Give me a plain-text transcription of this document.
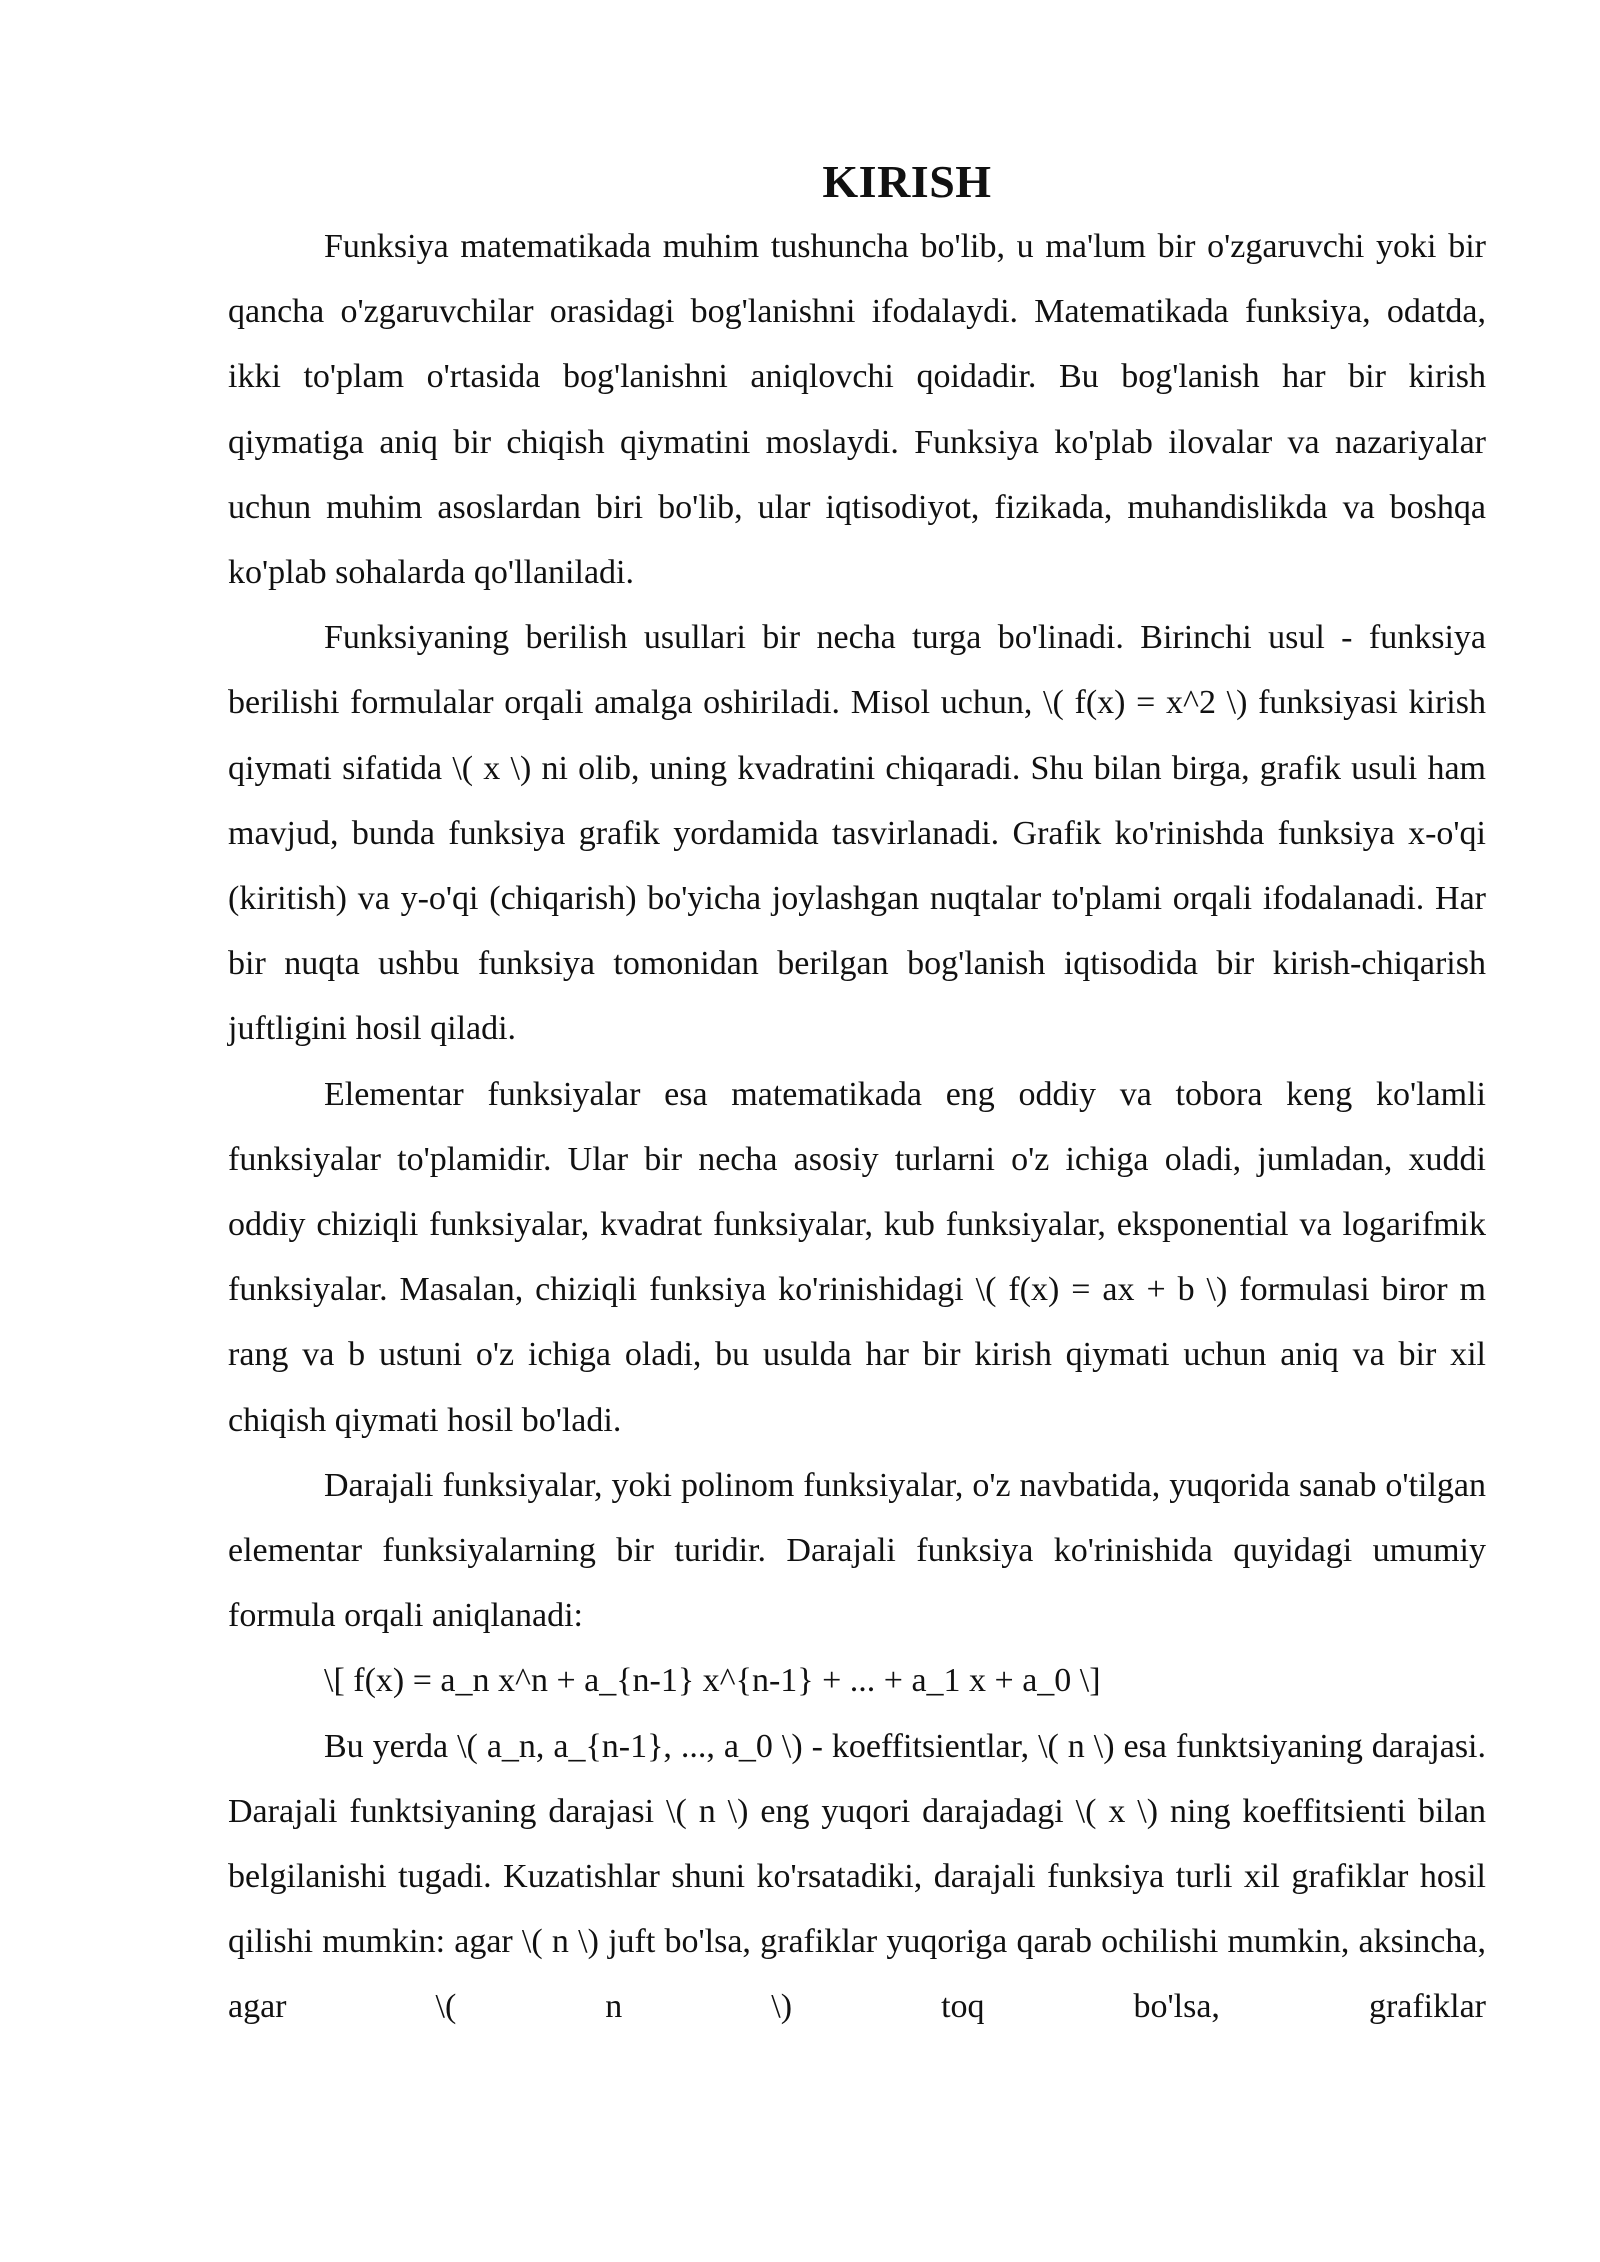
KIRISH

Funksiya matematikada muhim tushuncha bo'lib, u ma'lum bir o'zgaruvchi yoki bir qancha o'zgaruvchilar orasidagi bog'lanishni ifodalaydi. Matematikada funksiya, odatda, ikki to'plam o'rtasida bog'lanishni aniqlovchi qoidadir. Bu bog'lanish har bir kirish qiymatiga aniq bir chiqish qiymatini moslaydi. Funksiya ko'plab ilovalar va nazariyalar uchun muhim asoslardan biri bo'lib, ular iqtisodiyot, fizikada, muhandislikda va boshqa ko'plab sohalarda qo'llaniladi.

Funksiyaning berilish usullari bir necha turga bo'linadi. Birinchi usul - funksiya berilishi formulalar orqali amalga oshiriladi. Misol uchun, \( f(x) = x^2 \) funksiyasi kirish qiymati sifatida \( x \) ni olib, uning kvadratini chiqaradi. Shu bilan birga, grafik usuli ham mavjud, bunda funksiya grafik yordamida tasvirlanadi. Grafik ko'rinishda funksiya x-o'qi (kiritish) va y-o'qi (chiqarish) bo'yicha joylashgan nuqtalar to'plami orqali ifodalanadi. Har bir nuqta ushbu funksiya tomonidan berilgan bog'lanish iqtisodida bir kirish-chiqarish juftligini hosil qiladi.

Elementar funksiyalar esa matematikada eng oddiy va tobora keng ko'lamli funksiyalar to'plamidir. Ular bir necha asosiy turlarni o'z ichiga oladi, jumladan, xuddi oddiy chiziqli funksiyalar, kvadrat funksiyalar, kub funksiyalar, eksponential va logarifmik funksiyalar. Masalan, chiziqli funksiya ko'rinishidagi \( f(x) = ax + b \) formulasi biror m rang va b ustuni o'z ichiga oladi, bu usulda har bir kirish qiymati uchun aniq va bir xil chiqish qiymati hosil bo'ladi.

Darajali funksiyalar, yoki polinom funksiyalar, o'z navbatida, yuqorida sanab o'tilgan elementar funksiyalarning bir turidir. Darajali funksiya ko'rinishida quyidagi umumiy formula orqali aniqlanadi:

\[ f(x) = a_n x^n + a_{n-1} x^{n-1} + ... + a_1 x + a_0 \]

Bu yerda \( a_n, a_{n-1}, ..., a_0 \) - koeffitsientlar, \( n \) esa funktsiyaning darajasi. Darajali funktsiyaning darajasi \( n \) eng yuqori darajadagi \( x \) ning koeffitsienti bilan belgilanishi tugadi. Kuzatishlar shuni ko'rsatadiki, darajali funksiya turli xil grafiklar hosil qilishi mumkin: agar \( n \) juft bo'lsa, grafiklar yuqoriga qarab ochilishi mumkin, aksincha, agar \( n \) toq bo'lsa, grafiklar
